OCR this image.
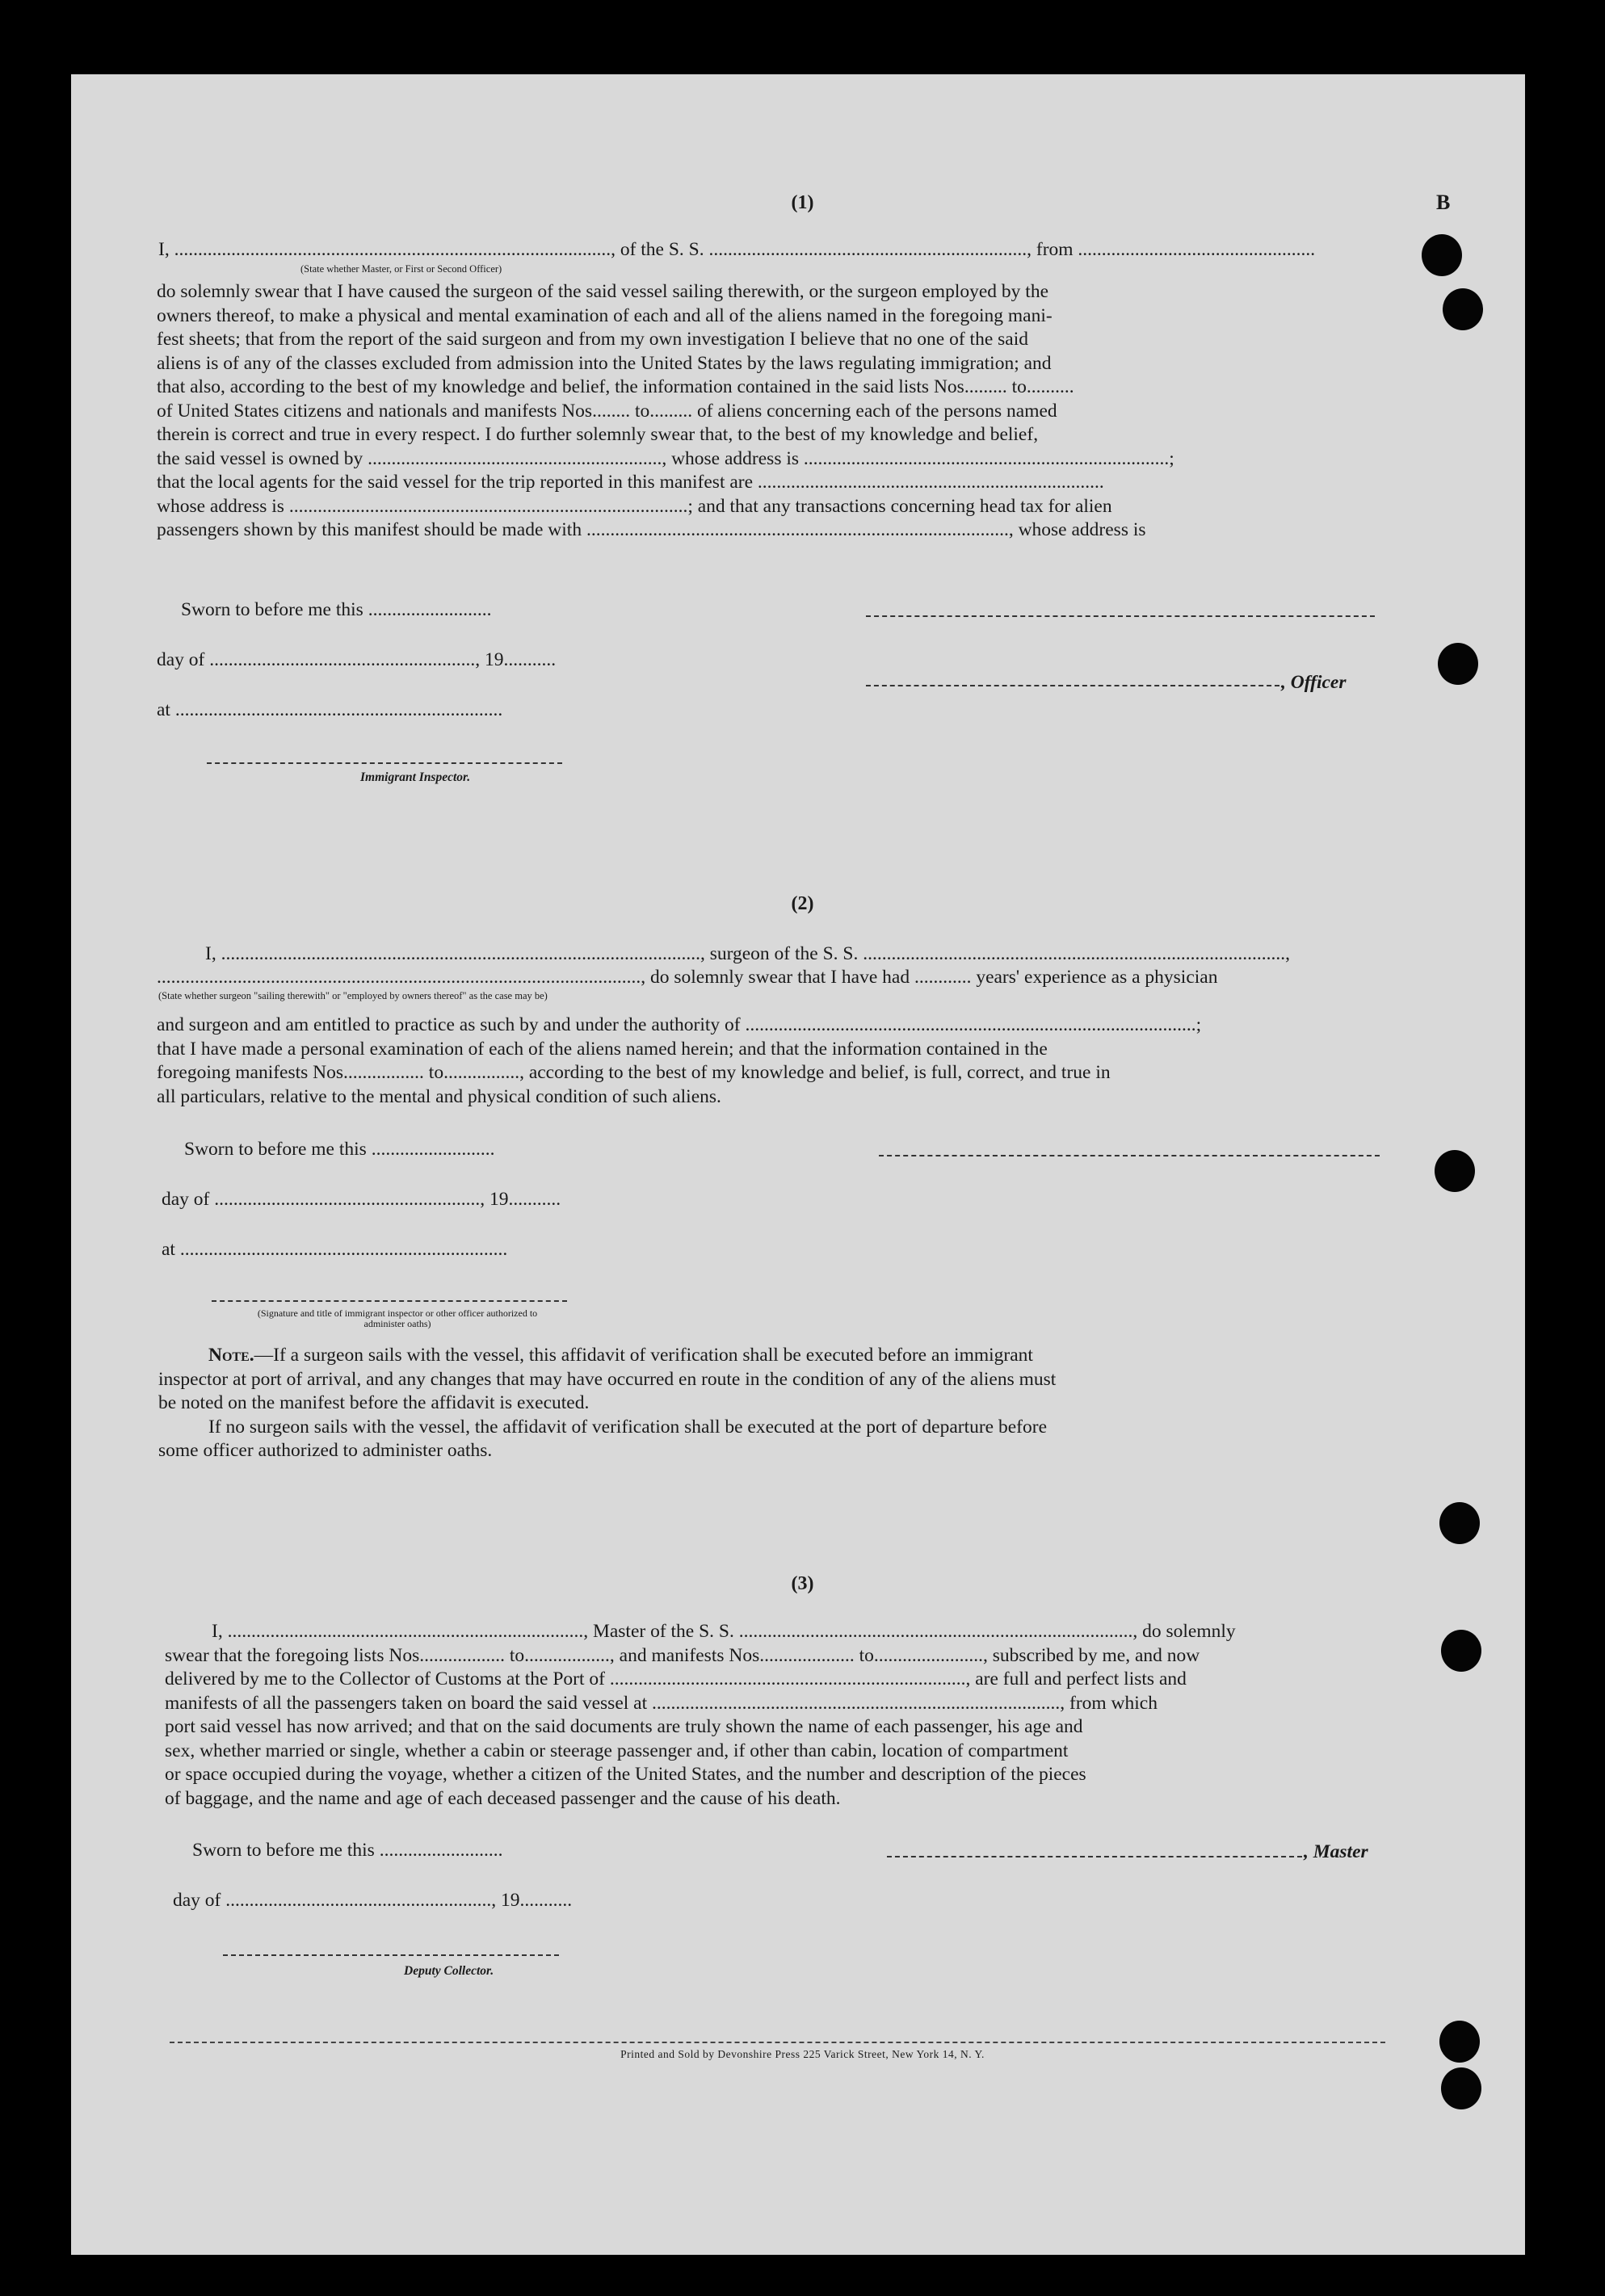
B
(1)
I, ............................................................................................, of the S. S. ..................................................................., from ..................................................
(State whether Master, or First or Second Officer)

do solemnly swear that I have caused the surgeon of the said vessel sailing therewith, or the surgeon employed by the

owners thereof, to make a physical and mental examination of each and all of the aliens named in the foregoing mani-

fest sheets; that from the report of the said surgeon and from my own investigation I believe that no one of the said

aliens is of any of the classes excluded from admission into the United States by the laws regulating immigration; and

that also, according to the best of my knowledge and belief, the information contained in the said lists Nos......... to..........

of United States citizens and nationals and manifests Nos........ to......... of aliens concerning each of the persons named

therein is correct and true in every respect. I do further solemnly swear that, to the best of my knowledge and belief,

the said vessel is owned by .............................................................., whose address is .............................................................................;

that the local agents for the said vessel for the trip reported in this manifest are .........................................................................

whose address is ....................................................................................; and that any transactions concerning head tax for alien

passengers shown by this manifest should be made with ........................................................................................., whose address is

Sworn to before me this ..........................
day of ........................................................, 19...........
at .....................................................................
Immigrant Inspector.
, Officer
(2)
I, ....................................................................................................., surgeon of the S. S. .........................................................................................,
......................................................................................................, do solemnly swear that I have had ............ years' experience as a physician
(State whether surgeon "sailing therewith" or "employed by owners thereof" as the case may be)

and surgeon and am entitled to practice as such by and under the authority of ...............................................................................................;

that I have made a personal examination of each of the aliens named herein; and that the information contained in the

foregoing manifests Nos................. to................, according to the best of my knowledge and belief, is full, correct, and true in

all particulars, relative to the mental and physical condition of such aliens.

Sworn to before me this ..........................
day of ........................................................, 19...........
at .....................................................................
(Signature and title of immigrant inspector or other officer authorized to administer oaths)

Note.—If a surgeon sails with the vessel, this affidavit of verification shall be executed before an immigrant

inspector at port of arrival, and any changes that may have occurred en route in the condition of any of the aliens must

be noted on the manifest before the affidavit is executed.

If no surgeon sails with the vessel, the affidavit of verification shall be executed at the port of departure before

some officer authorized to administer oaths.

(3)

I, ..........................................................................., Master of the S. S. ..................................................................................., do solemnly

swear that the foregoing lists Nos.................. to.................., and manifests Nos.................... to......................., subscribed by me, and now

delivered by me to the Collector of Customs at the Port of ..........................................................................., are full and perfect lists and

manifests of all the passengers taken on board the said vessel at ......................................................................................, from which

port said vessel has now arrived; and that on the said documents are truly shown the name of each passenger, his age and

sex, whether married or single, whether a cabin or steerage passenger and, if other than cabin, location of compartment

or space occupied during the voyage, whether a citizen of the United States, and the number and description of the pieces

of baggage, and the name and age of each deceased passenger and the cause of his death.

Sworn to before me this ..........................	, Master
day of ........................................................, 19...........
Deputy Collector.
Printed and Sold by Devonshire Press 225 Varick Street, New York 14, N. Y.
